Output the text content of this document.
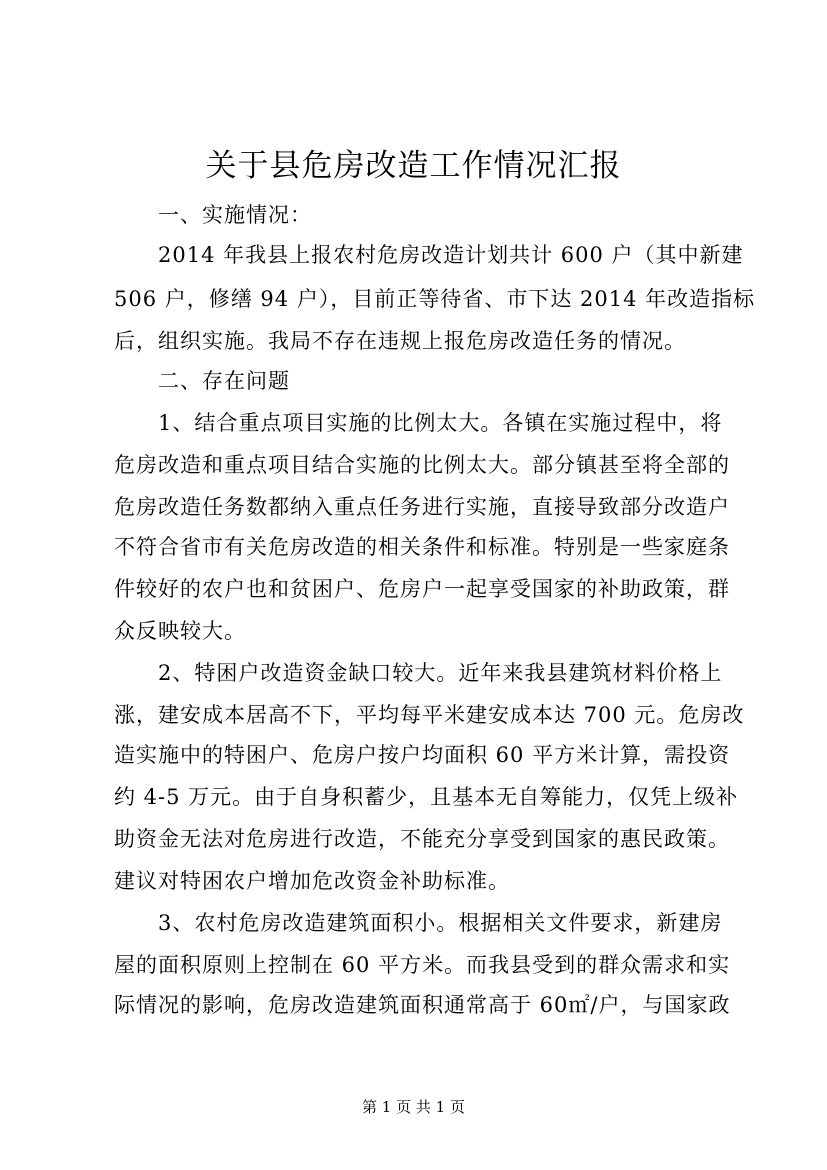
关于县危房改造工作情况汇报
一、实施情况：
2014 年我县上报农村危房改造计划共计 600 户（其中新建
506 户，修缮 94 户），目前正等待省、市下达 2014 年改造指标
后，组织实施。我局不存在违规上报危房改造任务的情况。
二、存在问题
1、结合重点项目实施的比例太大。各镇在实施过程中，将
危房改造和重点项目结合实施的比例太大。部分镇甚至将全部的
危房改造任务数都纳入重点任务进行实施，直接导致部分改造户
不符合省市有关危房改造的相关条件和标准。特别是一些家庭条
件较好的农户也和贫困户、危房户一起享受国家的补助政策，群
众反映较大。
2、特困户改造资金缺口较大。近年来我县建筑材料价格上
涨，建安成本居高不下，平均每平米建安成本达 700 元。危房改
造实施中的特困户、危房户按户均面积 60 平方米计算，需投资
约 4-5 万元。由于自身积蓄少，且基本无自筹能力，仅凭上级补
助资金无法对危房进行改造，不能充分享受到国家的惠民政策。
建议对特困农户增加危改资金补助标准。
3、农村危房改造建筑面积小。根据相关文件要求，新建房
屋的面积原则上控制在 60 平方米。而我县受到的群众需求和实
际情况的影响，危房改造建筑面积通常高于 60㎡/户，与国家政
第 1 页 共 1 页
